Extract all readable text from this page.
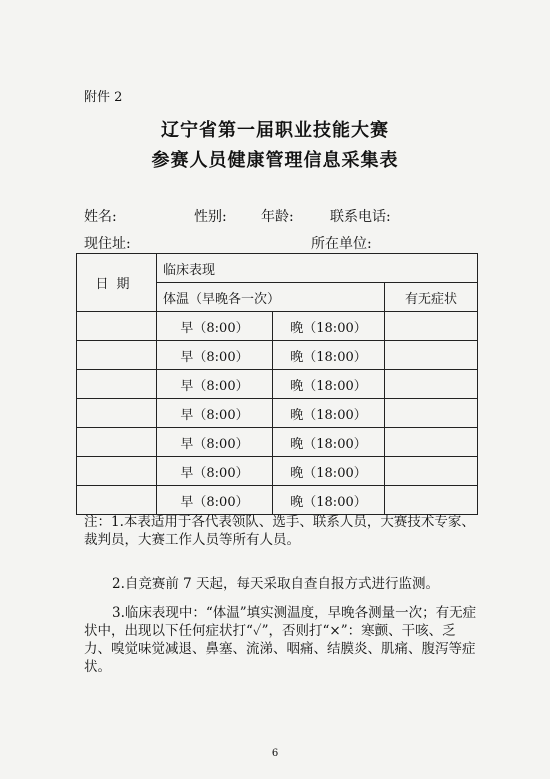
附件 2
辽宁省第一届职业技能大赛
参赛人员健康管理信息采集表
姓名:	性别: 年龄:	联系电话:
现住址:	所在单位:
日期	临床表现		
	体温（早晚各一次）		有无症状
	早（8:00）	晚（18:00）	
	早（8:00）	晚（18:00）	
	早（8:00）	晚（18:00）	
	早（8:00）	晚（18:00）	
	早（8:00）	晚（18:00）	
	早（8:00）	晚（18:00）	
	早（8:00）	晚（18:00）	
注：1.本表适用于各代表领队、选手、联系人员，大赛技术专家、裁判员，大赛工作人员等所有人员。
2.自竞赛前 7 天起，每天采取自查自报方式进行监测。
3.临床表现中：“体温”填实测温度，早晚各测量一次；有无症状中，出现以下任何症状打“✓”，否则打“×”：寒颤、干咳、乏力、嗅觉味觉减退、鼻塞、流涕、咽痛、结膜炎、肌痛、腹泻等症状。
6
